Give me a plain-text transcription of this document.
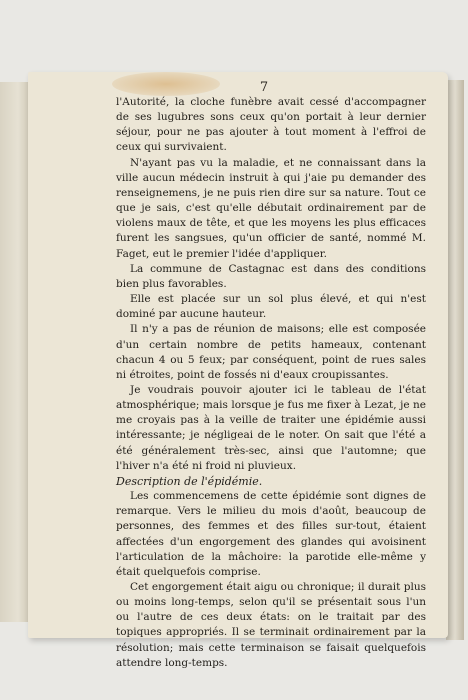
7

l'Autorité, la cloche funèbre avait cessé d'accompagner de ses lugubres sons ceux qu'on portait à leur dernier séjour, pour ne pas ajouter à tout moment à l'effroi de ceux qui survivaient.

N'ayant pas vu la maladie, et ne connaissant dans la ville aucun médecin instruit à qui j'aie pu demander des renseignemens, je ne puis rien dire sur sa nature. Tout ce que je sais, c'est qu'elle débutait ordinairement par de violens maux de tête, et que les moyens les plus efficaces furent les sangsues, qu'un officier de santé, nommé M. Faget, eut le premier l'idée d'appliquer.

La commune de Castagnac est dans des conditions bien plus favorables.

Elle est placée sur un sol plus élevé, et qui n'est dominé par aucune hauteur.

Il n'y a pas de réunion de maisons; elle est composée d'un certain nombre de petits hameaux, contenant chacun 4 ou 5 feux; par conséquent, point de rues sales ni étroites, point de fossés ni d'eaux croupissantes.

Je voudrais pouvoir ajouter ici le tableau de l'état atmosphérique; mais lorsque je fus me fixer à Lezat, je ne me croyais pas à la veille de traiter une épidémie aussi intéressante; je négligeai de le noter. On sait que l'été a été généralement très-sec, ainsi que l'automne; que l'hiver n'a été ni froid ni pluvieux.

Description de l'épidémie.

Les commencemens de cette épidémie sont dignes de remarque. Vers le milieu du mois d'août, beaucoup de personnes, des femmes et des filles sur-tout, étaient affectées d'un engorgement des glandes qui avoisinent l'articulation de la mâchoire: la parotide elle-même y était quelquefois comprise.

Cet engorgement était aigu ou chronique; il durait plus ou moins long-temps, selon qu'il se présentait sous l'un ou l'autre de ces deux états: on le traitait par des topiques appropriés. Il se terminait ordinairement par la résolution; mais cette terminaison se faisait quelquefois attendre long-temps.
